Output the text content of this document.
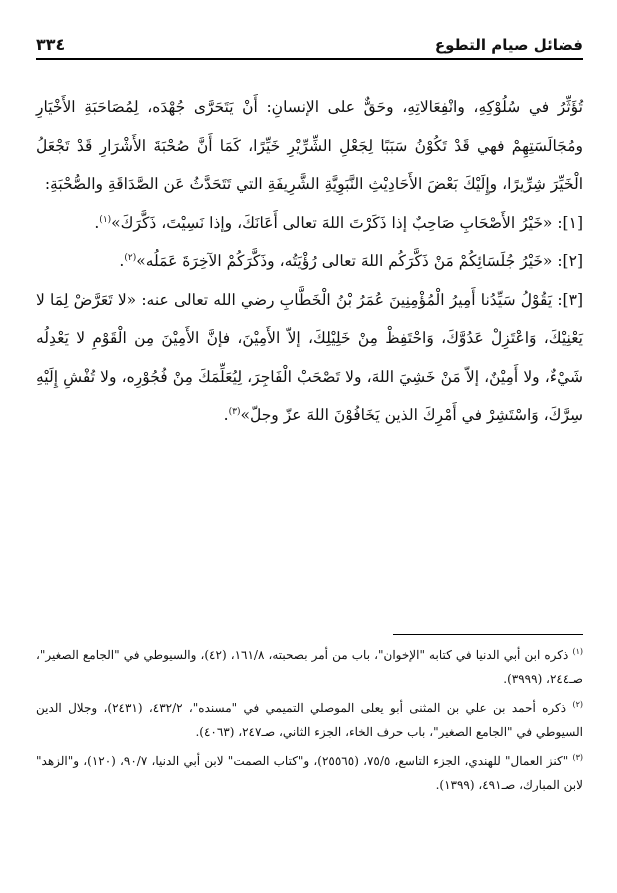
فضائل صيام التطوع
٣٣٤

تُؤَثِّرُ في سُلُوْكِهِ، وانْفِعَالاتِهِ، وحَقٌّ على الإنسانِ: أَنْ يَتَحَرَّى جُهْدَه، لِمُصَاحَبَةِ الأَخْيَارِ ومُجَالَسَتِهِمْ فهي قَدْ تَكُوْنُ سَبَبًا لِجَعْلِ الشِّرِّيْرِ خَيِّرًا، كَمَا أَنَّ صُحْبَةَ الأَشْرَارِ قَدْ تَجْعَلُ الْخَيِّرَ شِرِّيرًا، وإِلَيْكَ بَعْضَ الأَحَادِيْثِ النَّبَوِيَّةِ الشَّرِيفَةِ التي تَتَحَدَّثُ عَن الصَّدَاقَةِ والصُّحْبَةِ:

[١]: «خَيْرُ الأَصْحَابِ صَاحِبٌ إذا ذَكَرْتَ اللهَ تعالى أَعَانَكَ، وإذا نَسِيْتَ، ذَكَّرَكَ»$^{(١)}$.

[٢]: «خَيْرُ جُلَسَائِكُمْ مَنْ ذَكَّرَكُم اللهَ تعالى رُؤْيَتُه، وذَكَّرَكُمْ الآخِرَةَ عَمَلُه»$^{(٢)}$.

[٣]: يَقُوْلُ سَيِّدُنا أَمِيرُ الْمُؤْمِنِينَ عُمَرُ بْنُ الْخَطَّابِ رضي الله تعالى عنه: «لا تَعَرَّضْ لِمَا لا يَعْنِيْكَ، وَاعْتَزِلْ عَدُوَّكَ، وَاحْتَفِظْ مِنْ خَلِيْلِكَ، إلاّ الأَمِيْنَ، فإنَّ الأَمِيْنَ مِن الْقَوْمِ لا يَعْدِلُه شَيْءٌ، ولا أَمِيْنٌ، إلاّ مَنْ خَشِيَ اللهَ، ولا تَصْحَبْ الْفَاجِرَ، لِيُعَلِّمَكَ مِنْ فُجُوْرِه، ولا تُفْشِ إِلَيْهِ سِرَّكَ، وَاسْتَشِرْ في أَمْرِكَ الذين يَخَافُوْنَ اللهَ عزّ وجلّ»$^{(٣)}$.

$^{(١)}$ ذكره ابن أبي الدنيا في كتابه "الإخوان"، باب من أمر بصحبته، ١٦١/٨، (٤٢)، والسيوطي في "الجامع الصغير"، صـ٢٤٤، (٣٩٩٩).

$^{(٢)}$ ذكره أحمد بن علي بن المثنى أبو يعلى الموصلي التميمي في "مسنده"، ٤٣٢/٢، (٢٤٣١)، وجلال الدين السيوطي في "الجامع الصغير"، باب حرف الخاء، الجزء الثاني، صـ٢٤٧، (٤٠٦٣).

$^{(٣)}$ "كنز العمال" للهندي، الجزء التاسع، ٧٥/٥، (٢٥٥٦٥)، و"كتاب الصمت" لابن أبي الدنيا، ٩٠/٧، (١٢٠)، و"الزهد" لابن المبارك، صـ٤٩١، (١٣٩٩).
